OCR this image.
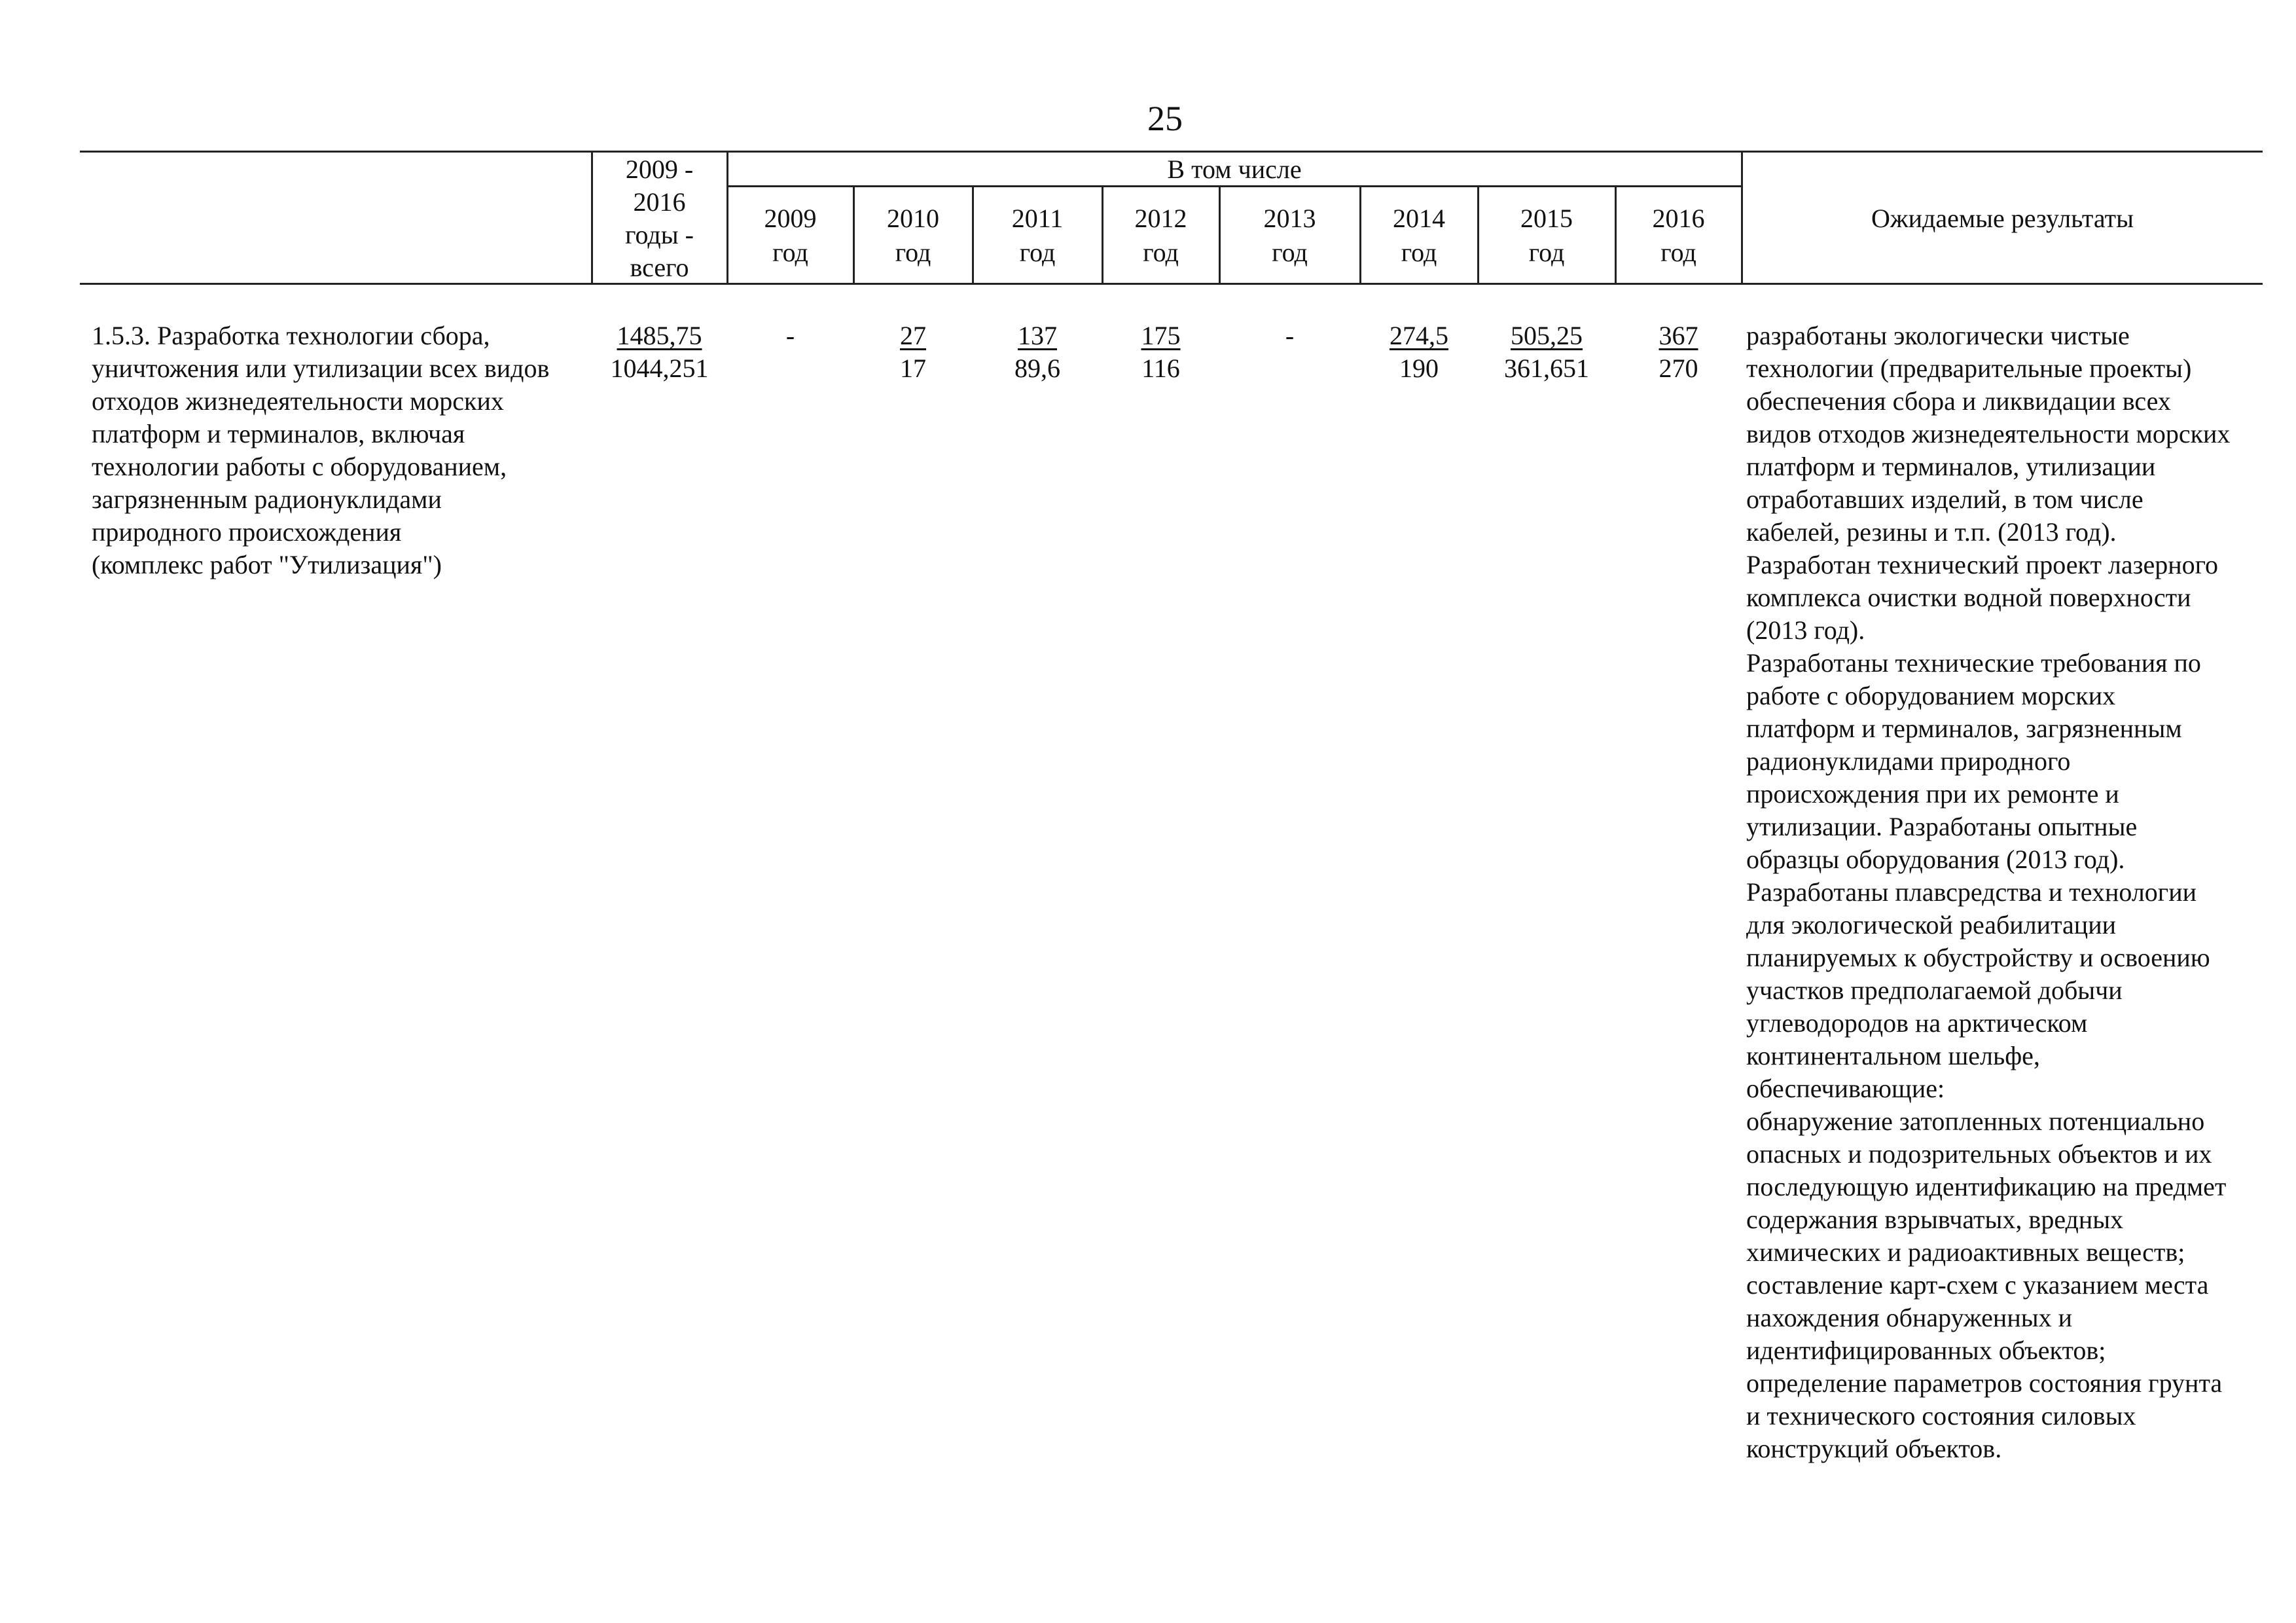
25
2009 -
2016
годы -
всего
В том числе
2009
год
2010
год
2011
год
2012
год
2013
год
2014
год
2015
год
2016
год
Ожидаемые результаты
1.5.3. Разработка технологии сбора,
уничтожения или утилизации всех видов
отходов жизнедеятельности морских
платформ и терминалов, включая
технологии работы с оборудованием,
загрязненным радионуклидами
природного происхождения
(комплекс работ "Утилизация")
1485,75
1044,251
-	27
17
137
89,6
175
116
-	274,5
190
505,25
361,651
367
270
разработаны экологически чистые
технологии (предварительные проекты)
обеспечения сбора и ликвидации всех
видов отходов жизнедеятельности морских
платформ и терминалов, утилизации
отработавших изделий, в том числе
кабелей, резины и т.п. (2013 год).
Разработан технический проект лазерного
комплекса очистки водной поверхности
(2013 год).
Разработаны технические требования по
работе с оборудованием морских
платформ и терминалов, загрязненным
радионуклидами природного
происхождения при их ремонте и
утилизации. Разработаны опытные
образцы оборудования (2013 год).
Разработаны плавсредства и технологии
для экологической реабилитации
планируемых к обустройству и освоению
участков предполагаемой добычи
углеводородов на арктическом
континентальном шельфе,
обеспечивающие:
обнаружение затопленных потенциально
опасных и подозрительных объектов и их
последующую идентификацию на предмет
содержания взрывчатых, вредных
химических и радиоактивных веществ;
составление карт-схем с указанием места
нахождения обнаруженных и
идентифицированных объектов;
определение параметров состояния грунта
и технического состояния силовых
конструкций объектов.
